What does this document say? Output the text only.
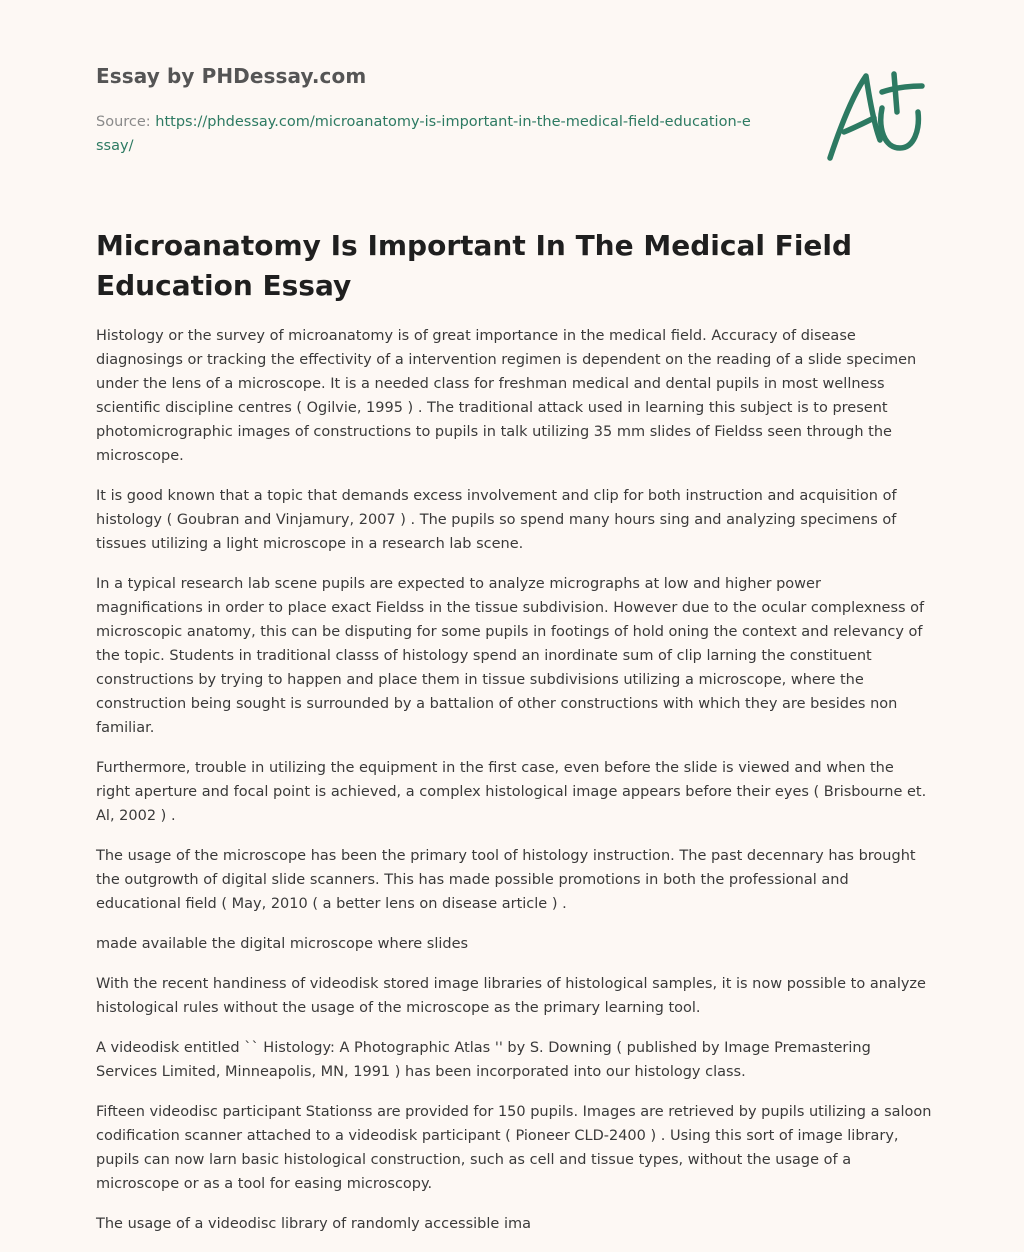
Essay by PHDessay.com
Source: https://phdessay.com/microanatomy-is-important-in-the-medical-field-education-essay/
Microanatomy Is Important In The Medical Field Education Essay

Histology or the survey of microanatomy is of great importance in the medical field. Accuracy of disease diagnosings or tracking the effectivity of a intervention regimen is dependent on the reading of a slide specimen under the lens of a microscope. It is a needed class for freshman medical and dental pupils in most wellness scientific discipline centres ( Ogilvie, 1995 ) . The traditional attack used in learning this subject is to present photomicrographic images of constructions to pupils in talk utilizing 35 mm slides of Fieldss seen through the microscope.

It is good known that a topic that demands excess involvement and clip for both instruction and acquisition of histology ( Goubran and Vinjamury, 2007 ) . The pupils so spend many hours sing and analyzing specimens of tissues utilizing a light microscope in a research lab scene.

In a typical research lab scene pupils are expected to analyze micrographs at low and higher power magnifications in order to place exact Fieldss in the tissue subdivision. However due to the ocular complexness of microscopic anatomy, this can be disputing for some pupils in footings of hold oning the context and relevancy of the topic. Students in traditional classs of histology spend an inordinate sum of clip larning the constituent constructions by trying to happen and place them in tissue subdivisions utilizing a microscope, where the construction being sought is surrounded by a battalion of other constructions with which they are besides non familiar.

Furthermore, trouble in utilizing the equipment in the first case, even before the slide is viewed and when the right aperture and focal point is achieved, a complex histological image appears before their eyes ( Brisbourne et. Al, 2002 ) .

The usage of the microscope has been the primary tool of histology instruction. The past decennary has brought the outgrowth of digital slide scanners. This has made possible promotions in both the professional and educational field ( May, 2010 ( a better lens on disease article ) .

made available the digital microscope where slides

With the recent handiness of videodisk stored image libraries of histological samples, it is now possible to analyze histological rules without the usage of the microscope as the primary learning tool.

A videodisk entitled `` Histology: A Photographic Atlas '' by S. Downing ( published by Image Premastering Services Limited, Minneapolis, MN, 1991 ) has been incorporated into our histology class.

Fifteen videodisc participant Stationss are provided for 150 pupils. Images are retrieved by pupils utilizing a saloon codification scanner attached to a videodisk participant ( Pioneer CLD-2400 ) . Using this sort of image library, pupils can now larn basic histological construction, such as cell and tissue types, without the usage of a microscope or as a tool for easing microscopy.

The usage of a videodisc library of randomly accessible ima
